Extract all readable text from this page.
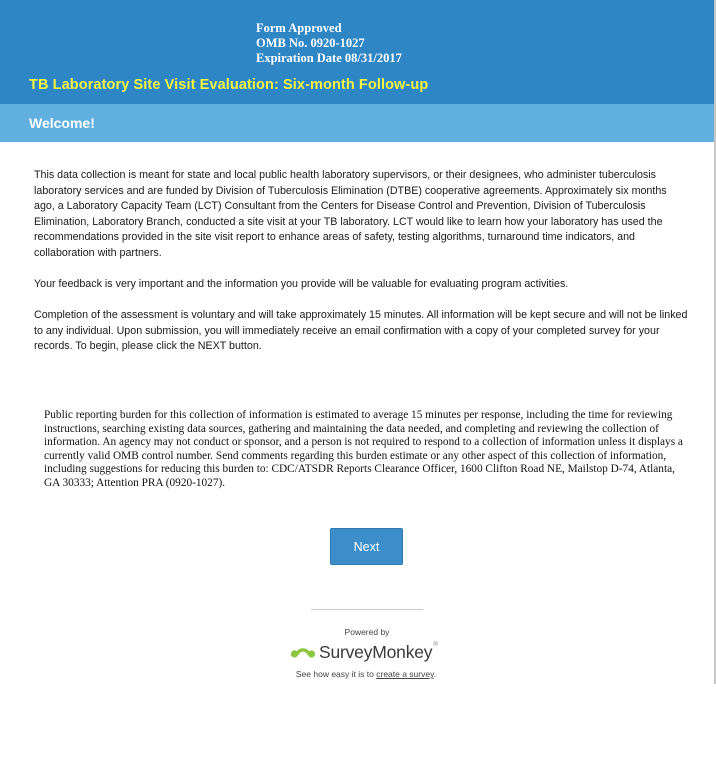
Form Approved
OMB No. 0920-1027
Expiration Date 08/31/2017
TB Laboratory Site Visit Evaluation: Six-month Follow-up
Welcome!

This data collection is meant for state and local public health laboratory supervisors, or their designees, who administer tuberculosis laboratory services and are funded by Division of Tuberculosis Elimination (DTBE) cooperative agreements. Approximately six months ago, a Laboratory Capacity Team (LCT) Consultant from the Centers for Disease Control and Prevention, Division of Tuberculosis Elimination, Laboratory Branch, conducted a site visit at your TB laboratory. LCT would like to learn how your laboratory has used the recommendations provided in the site visit report to enhance areas of safety, testing algorithms, turnaround time indicators, and collaboration with partners.

Your feedback is very important and the information you provide will be valuable for evaluating program activities.

Completion of the assessment is voluntary and will take approximately 15 minutes. All information will be kept secure and will not be linked to any individual. Upon submission, you will immediately receive an email confirmation with a copy of your completed survey for your records. To begin, please click the NEXT button.

Public reporting burden for this collection of information is estimated to average 15 minutes per response, including the time for reviewing instructions, searching existing data sources, gathering and maintaining the data needed, and completing and reviewing the collection of information. An agency may not conduct or sponsor, and a person is not required to respond to a collection of information unless it displays a currently valid OMB control number. Send comments regarding this burden estimate or any other aspect of this collection of information, including suggestions for reducing this burden to: CDC/ATSDR Reports Clearance Officer, 1600 Clifton Road NE, Mailstop D-74, Atlanta, GA 30333; Attention PRA (0920-1027).
Next
Powered by
SurveyMonkey®
See how easy it is to create a survey.
